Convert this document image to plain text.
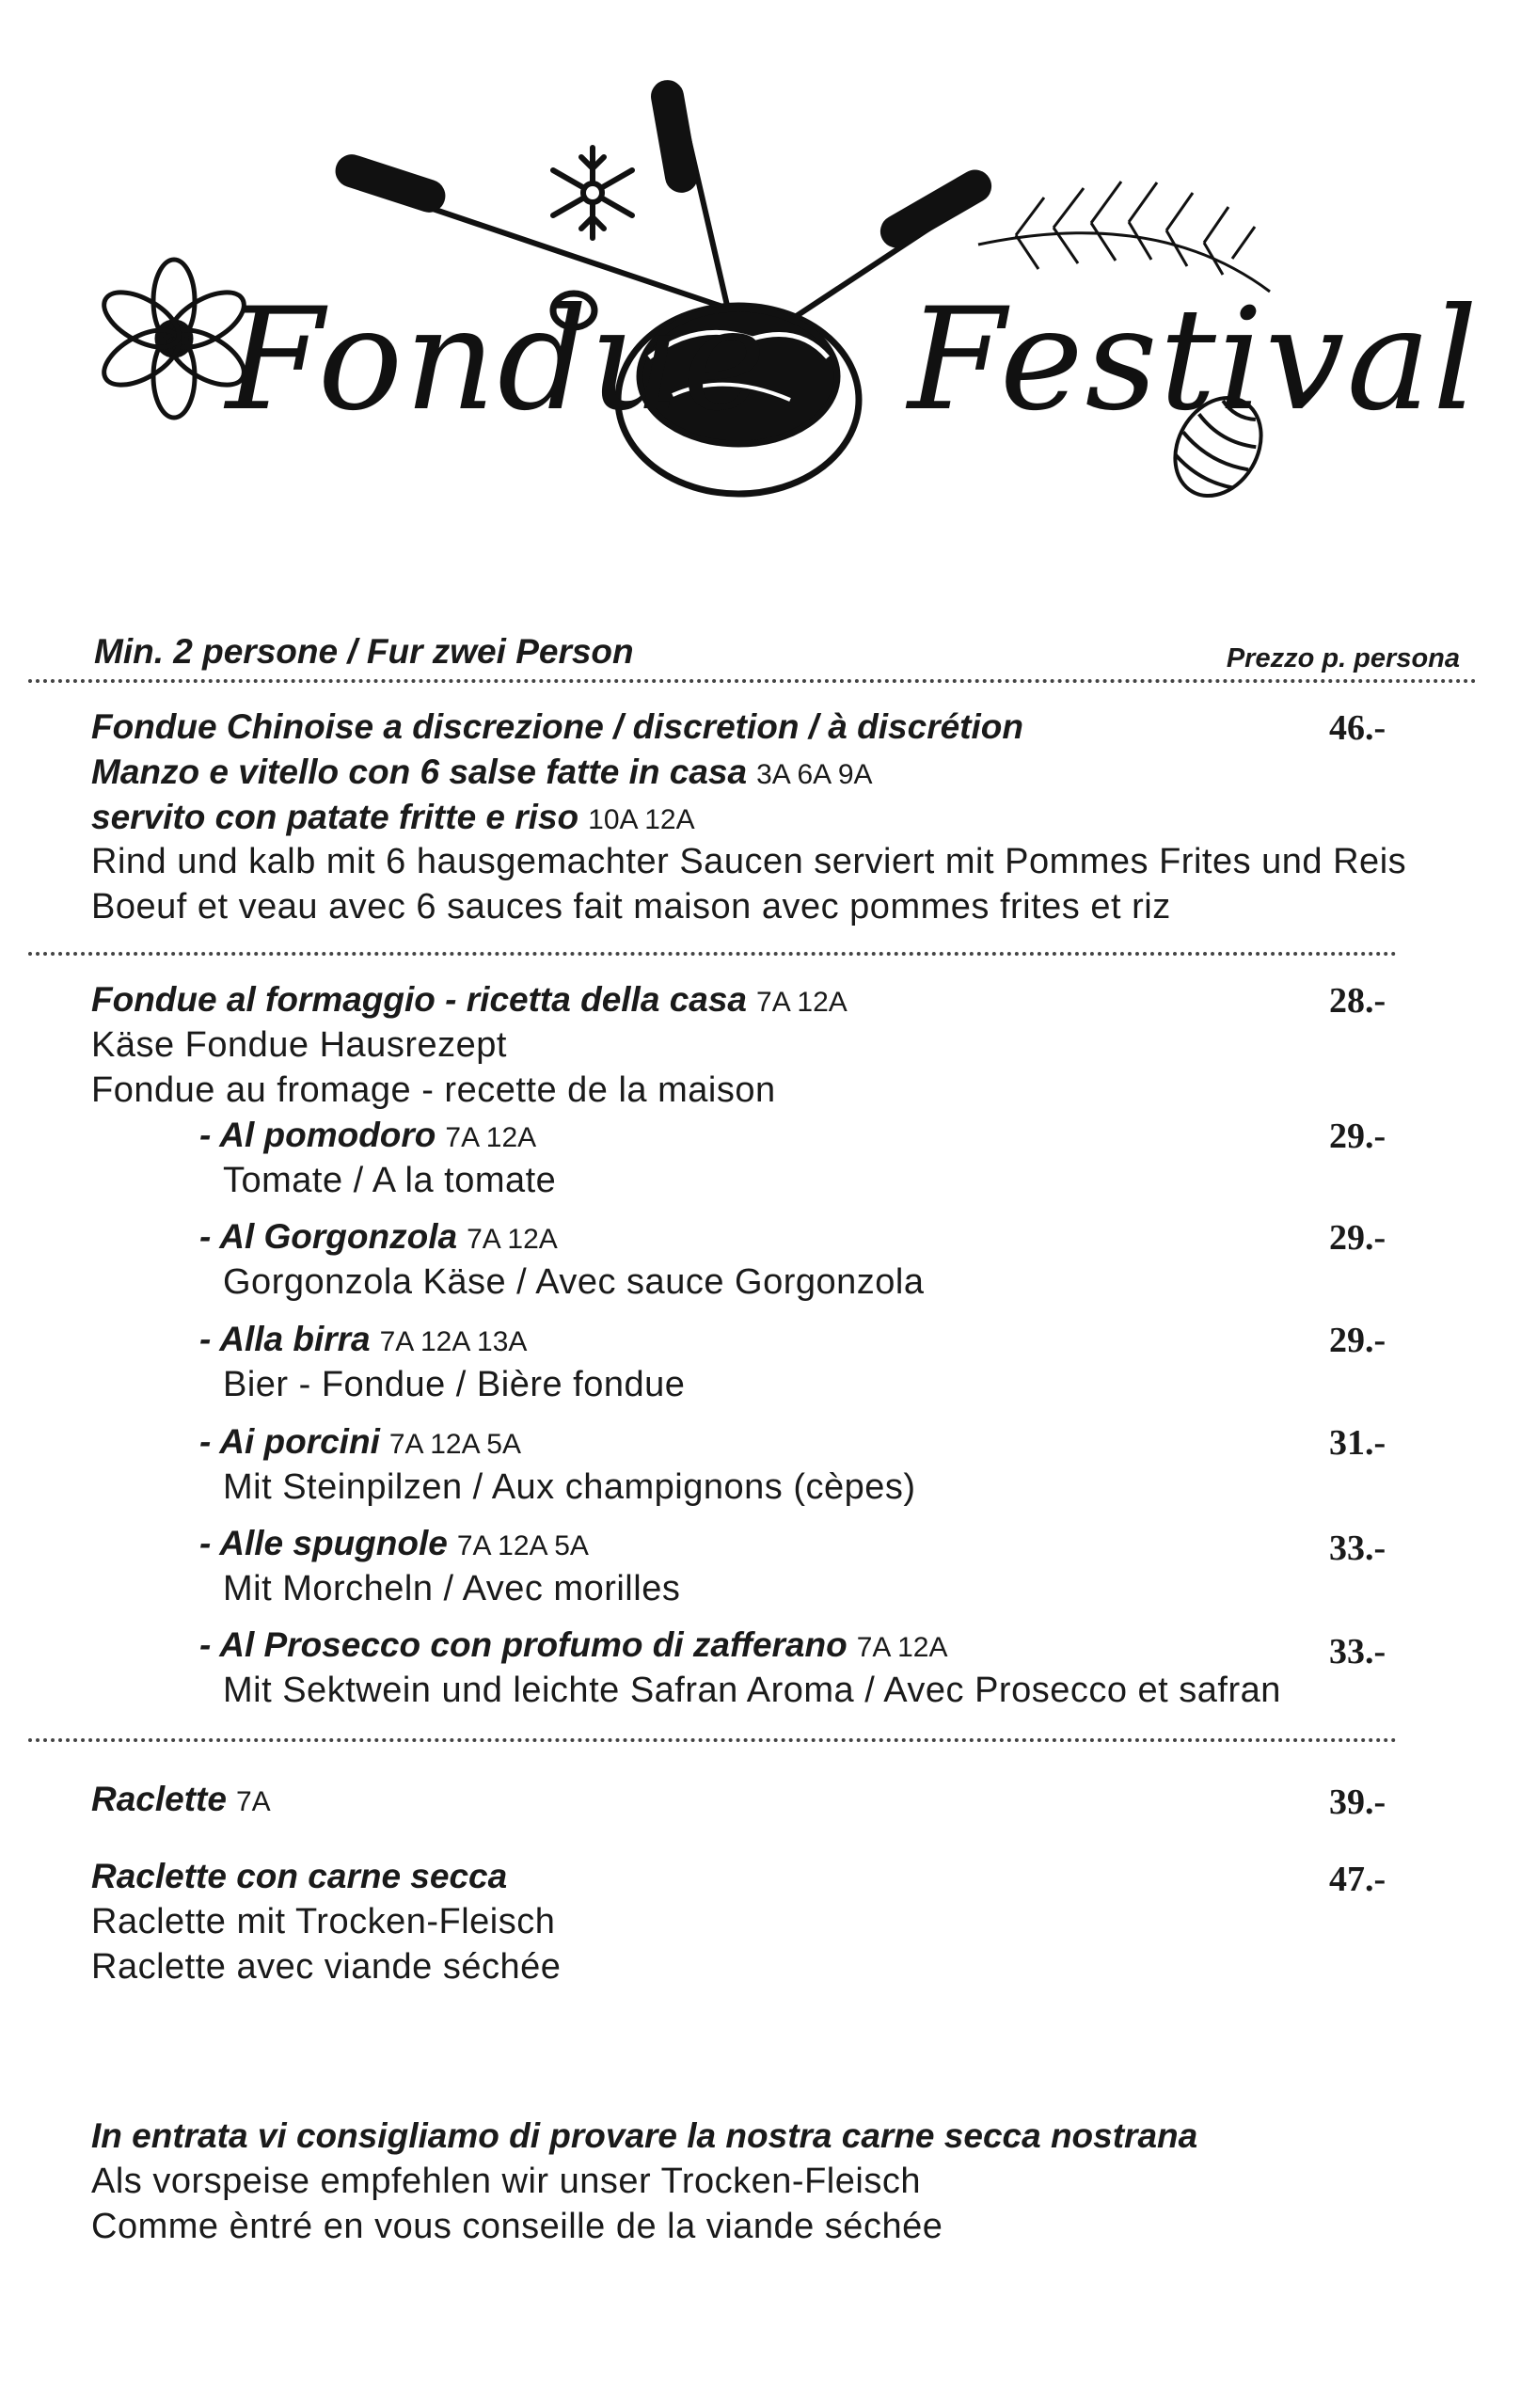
Fondue Festival
Min. 2 persone / Fur zwei Person	Prezzo p. persona
Fondue Chinoise a discrezione / discretion / à discrétion	46.-
Manzo e vitello con 6 salse fatte in casa 3A 6A 9A
servito con patate fritte e riso 10A 12A
Rind und kalb mit 6 hausgemachter Saucen serviert mit Pommes Frites und Reis
Boeuf et veau avec 6 sauces fait maison avec pommes frites et riz
Fondue al formaggio - ricetta della casa 7A 12A	28.-
Käse Fondue Hausrezept
Fondue au fromage - recette de la maison
- Al pomodoro 7A 12A	29.-
Tomate / A la tomate
- Al Gorgonzola 7A 12A	29.-
Gorgonzola Käse / Avec sauce Gorgonzola
- Alla birra 7A 12A 13A	29.-
Bier - Fondue / Bière fondue
- Ai porcini 7A 12A 5A	31.-
Mit Steinpilzen / Aux champignons (cèpes)
- Alle spugnole 7A 12A 5A	33.-
Mit Morcheln / Avec morilles
- Al Prosecco con profumo di zafferano 7A 12A	33.-
Mit Sektwein und leichte Safran Aroma / Avec Prosecco et safran
Raclette 7A	39.-
Raclette con carne secca	47.-
Raclette mit Trocken-Fleisch
Raclette avec viande séchée
In entrata vi consigliamo di provare la nostra carne secca nostrana
Als vorspeise empfehlen wir unser Trocken-Fleisch
Comme èntré en vous conseille de la viande séchée
